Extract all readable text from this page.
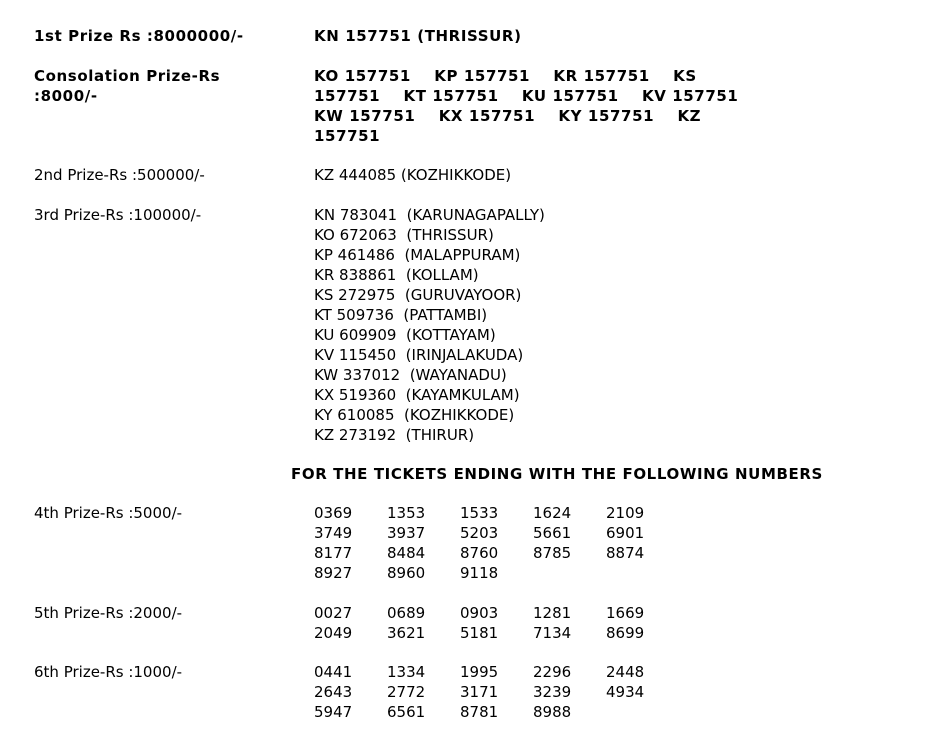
1st Prize Rs :8000000/-	KN 157751 (THRISSUR)
Consolation Prize-Rs
:8000/-
KO 157751    KP 157751    KR 157751    KS
157751    KT 157751    KU 157751    KV 157751
KW 157751    KX 157751    KY 157751    KZ
157751
2nd Prize-Rs :500000/-	KZ 444085 (KOZHIKKODE)
3rd Prize-Rs :100000/-	KN 783041  (KARUNAGAPALLY)
KO 672063  (THRISSUR)
KP 461486  (MALAPPURAM)
KR 838861  (KOLLAM)
KS 272975  (GURUVAYOOR)
KT 509736  (PATTAMBI)
KU 609909  (KOTTAYAM)
KV 115450  (IRINJALAKUDA)
KW 337012  (WAYANADU)
KX 519360  (KAYAMKULAM)
KY 610085  (KOZHIKKODE)
KZ 273192  (THIRUR)
FOR THE TICKETS ENDING WITH THE FOLLOWING NUMBERS
4th Prize-Rs :5000/-	0369	1353	1533	1624	2109
3749	3937	5203	5661	6901
8177	8484	8760	8785	8874
8927	8960	9118
5th Prize-Rs :2000/-	0027	0689	0903	1281	1669
2049	3621	5181	7134	8699
6th Prize-Rs :1000/-	0441	1334	1995	2296	2448
2643	2772	3171	3239	4934
5947	6561	8781	8988
